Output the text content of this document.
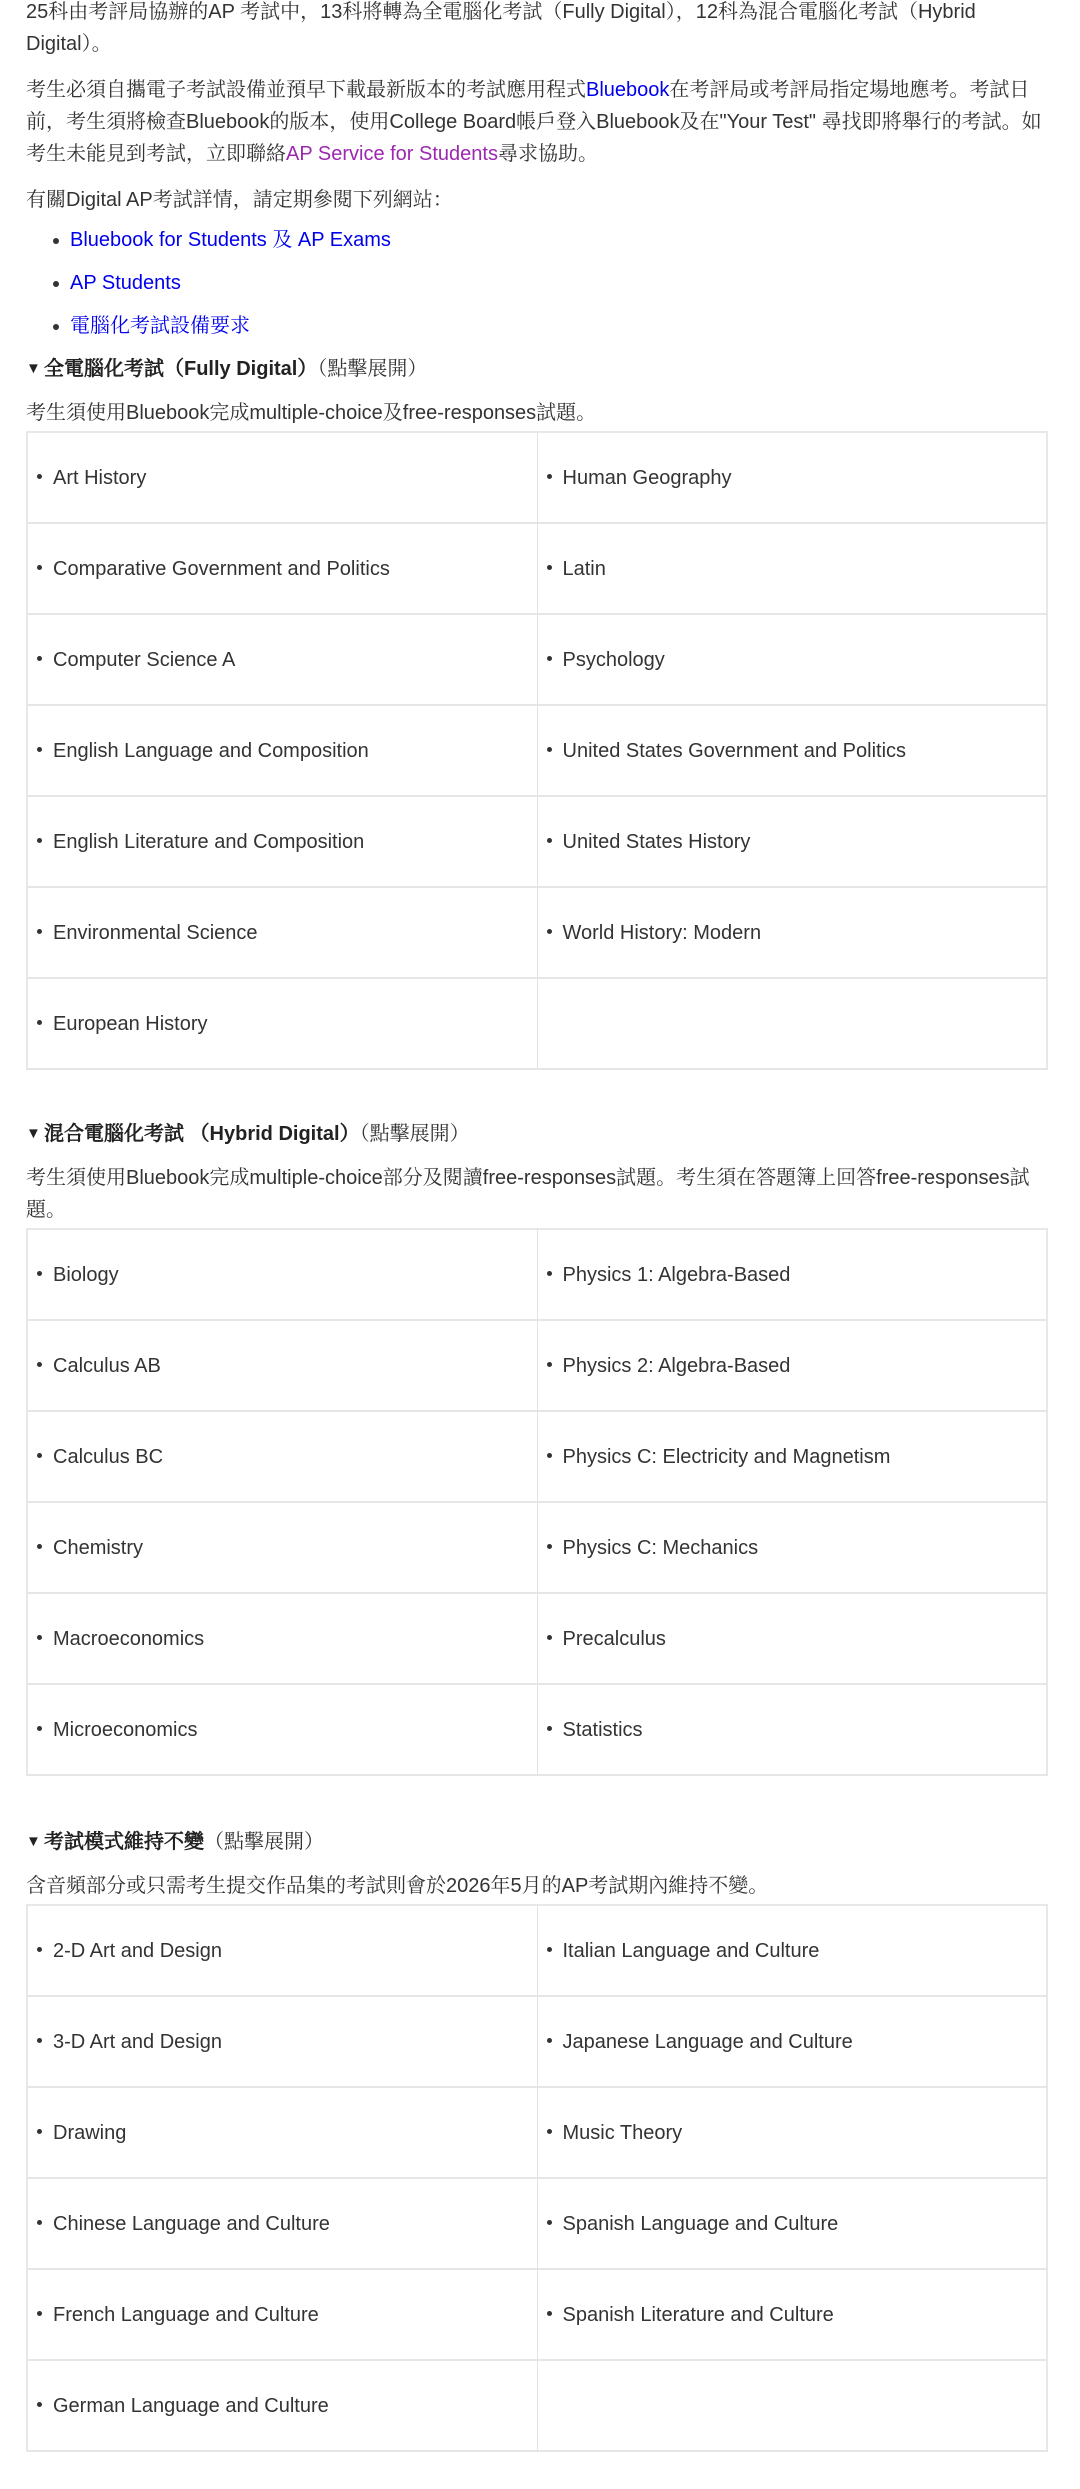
25科由考評局協辦的AP 考試中，13科將轉為全電腦化考試（Fully Digital），12科為混合電腦化考試（Hybrid Digital）。

考生必須自攜電子考試設備並預早下載最新版本的考試應用程式Bluebook在考評局或考評局指定場地應考。考試日前，考生須將檢查Bluebook的版本，使用College Board帳戶登入Bluebook及在"Your Test" 尋找即將舉行的考試。如考生未能見到考試，立即聯絡AP Service for Students尋求協助。

有關Digital AP考試詳情，請定期參閱下列網站：

Bluebook for Students 及 AP Exams
AP Students
電腦化考試設備要求
▼ 全電腦化考試（Fully Digital）（點擊展開）

考生須使用Bluebook完成multiple-choice及free-responses試題。

Art History	Human Geography

Comparative Government and Politics	Latin

Computer Science A	Psychology

English Language and Composition	United States Government and Politics

English Literature and Composition	United States History

Environmental Science	World History: Modern

European History	

▼ 混合電腦化考試 （Hybrid Digital）（點擊展開）

考生須使用Bluebook完成multiple-choice部分及閱讀free-responses試題。考生須在答題簿上回答free-responses試題。

Biology	Physics 1: Algebra-Based

Calculus AB	Physics 2: Algebra-Based

Calculus BC	Physics C: Electricity and Magnetism

Chemistry	Physics C: Mechanics

Macroeconomics	Precalculus

Microeconomics	Statistics
▼ 考試模式維持不變（點擊展開）

含音頻部分或只需考生提交作品集的考試則會於2026年5月的AP考試期內維持不變。

2-D Art and Design	Italian Language and Culture

3-D Art and Design	Japanese Language and Culture

Drawing	Music Theory

Chinese Language and Culture	Spanish Language and Culture

French Language and Culture	Spanish Literature and Culture

German Language and Culture	
